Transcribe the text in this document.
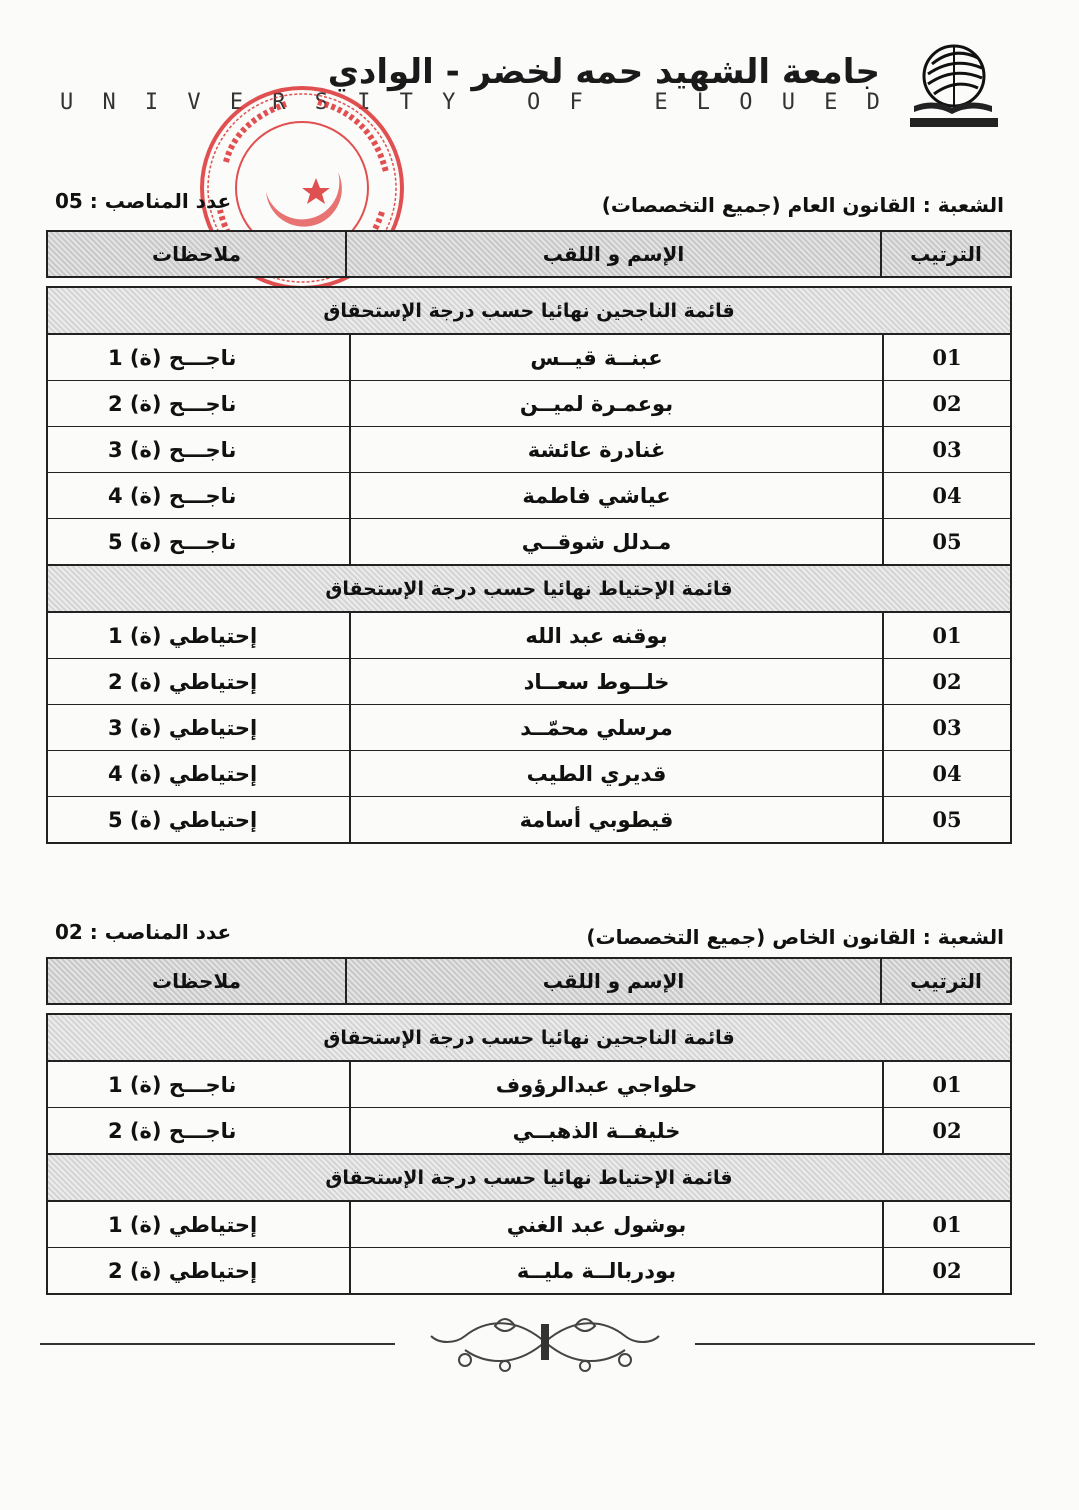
جامعة الشهيد حمه لخضر - الوادي
U N I V E R S I T Y
	O F
	E L O U E D
الشعبة : القانون العام (جميع التخصصات)
عدد المناصب : 05
الترتيب
الإسم و اللقب
ملاحظات
قائمة الناجحين نهائيا حسب درجة الإستحقاق
01
عبنــة قيــس
ناجـــح (ة) 1
02
بوعمـرة لميــن
ناجـــح (ة) 2
03
غنادرة عائشة
ناجـــح (ة) 3
04
عياشي فاطمة
ناجـــح (ة) 4
05
مـدلل شوقــي
ناجـــح (ة) 5
قائمة الإحتياط نهائيا حسب درجة الإستحقاق
01
بوقنه عبد الله
إحتياطي (ة) 1
02
خلــوط سعــاد
إحتياطي (ة) 2
03
مرسلي محمّــد
إحتياطي (ة) 3
04
قديري الطيب
إحتياطي (ة) 4
05
قيطوبي أسامة
إحتياطي (ة) 5
الشعبة : القانون الخاص (جميع التخصصات)
عدد المناصب : 02
الترتيب
الإسم و اللقب
ملاحظات
قائمة الناجحين نهائيا حسب درجة الإستحقاق
01
حلواجي عبدالرؤوف
ناجـــح (ة) 1
02
خليفــة الذهبــي
ناجـــح (ة) 2
قائمة الإحتياط نهائيا حسب درجة الإستحقاق
01
بوشول عبد الغني
إحتياطي (ة) 1
02
بودربالــة مليــة
إحتياطي (ة) 2
